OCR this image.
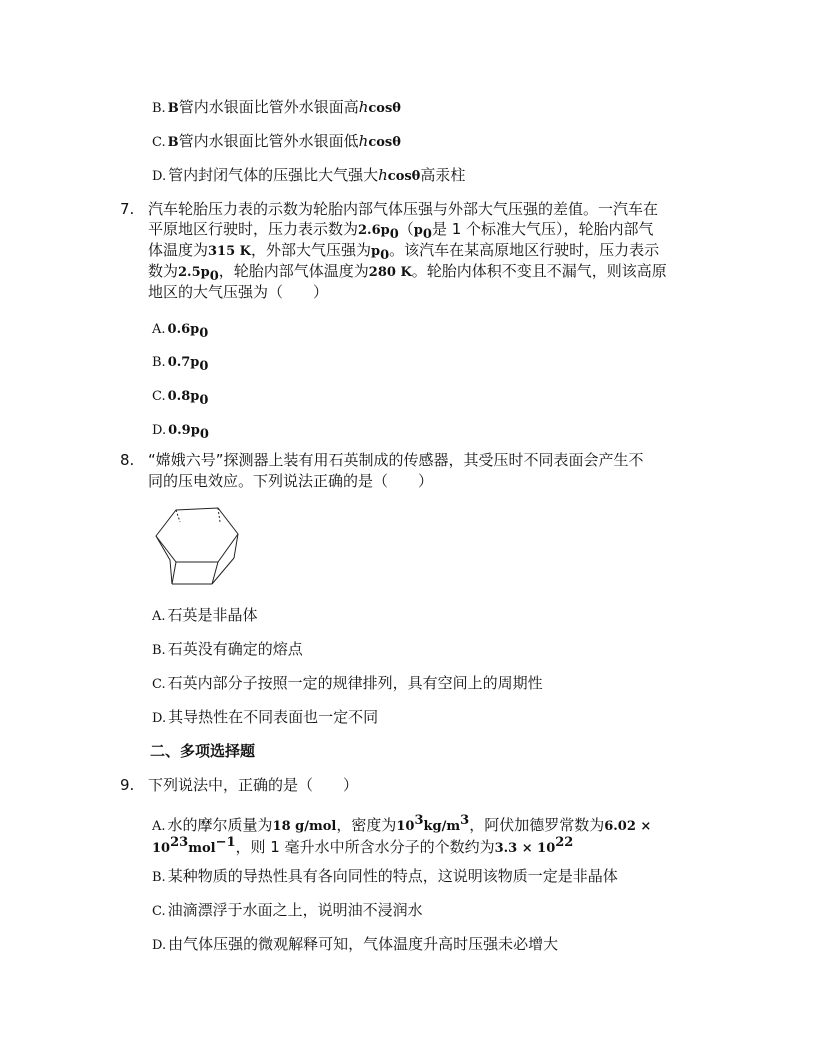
B. B管内水银面比管外水银面高hcosθ
C. B管内水银面比管外水银面低hcosθ
D. 管内封闭气体的压强比大气强大hcosθ高汞柱
7. 汽车轮胎压力表的示数为轮胎内部气体压强与外部大气压强的差值。一汽车在
平原地区行驶时，压力表示数为$2.6p_0(p_0$是 1 个标准大气压），轮胎内部气
体温度为315 K，外部大气压强为$p_0$。该汽车在某高原地区行驶时，压力表示
数为$2.5p_0$，轮胎内部气体温度为280 K。轮胎内体积不变且不漏气，则该高原
地区的大气压强为（　　）
A. $0.6p_0$
B. $0.7p_0$
C. $0.8p_0$
D. $0.9p_0$
8. “嫦娥六号”探测器上装有用石英制成的传感器，其受压时不同表面会产生不
同的压电效应。下列说法正确的是（　　）
A. 石英是非晶体
B. 石英没有确定的熔点
C. 石英内部分子按照一定的规律排列，具有空间上的周期性
D. 其导热性在不同表面也一定不同
二、多项选择题
9. 下列说法中，正确的是（　　）
A. 水的摩尔质量为18 g/mol，密度为$10^3kg/m^3$，阿伏加德罗常数为6.02 ×
$10^{23}mol^{-1}$，则 1 毫升水中所含水分子的个数约为$3.3 \times 10^{22}$
B. 某种物质的导热性具有各向同性的特点，这说明该物质一定是非晶体
C. 油滴漂浮于水面之上，说明油不浸润水
D. 由气体压强的微观解释可知，气体温度升高时压强未必增大
